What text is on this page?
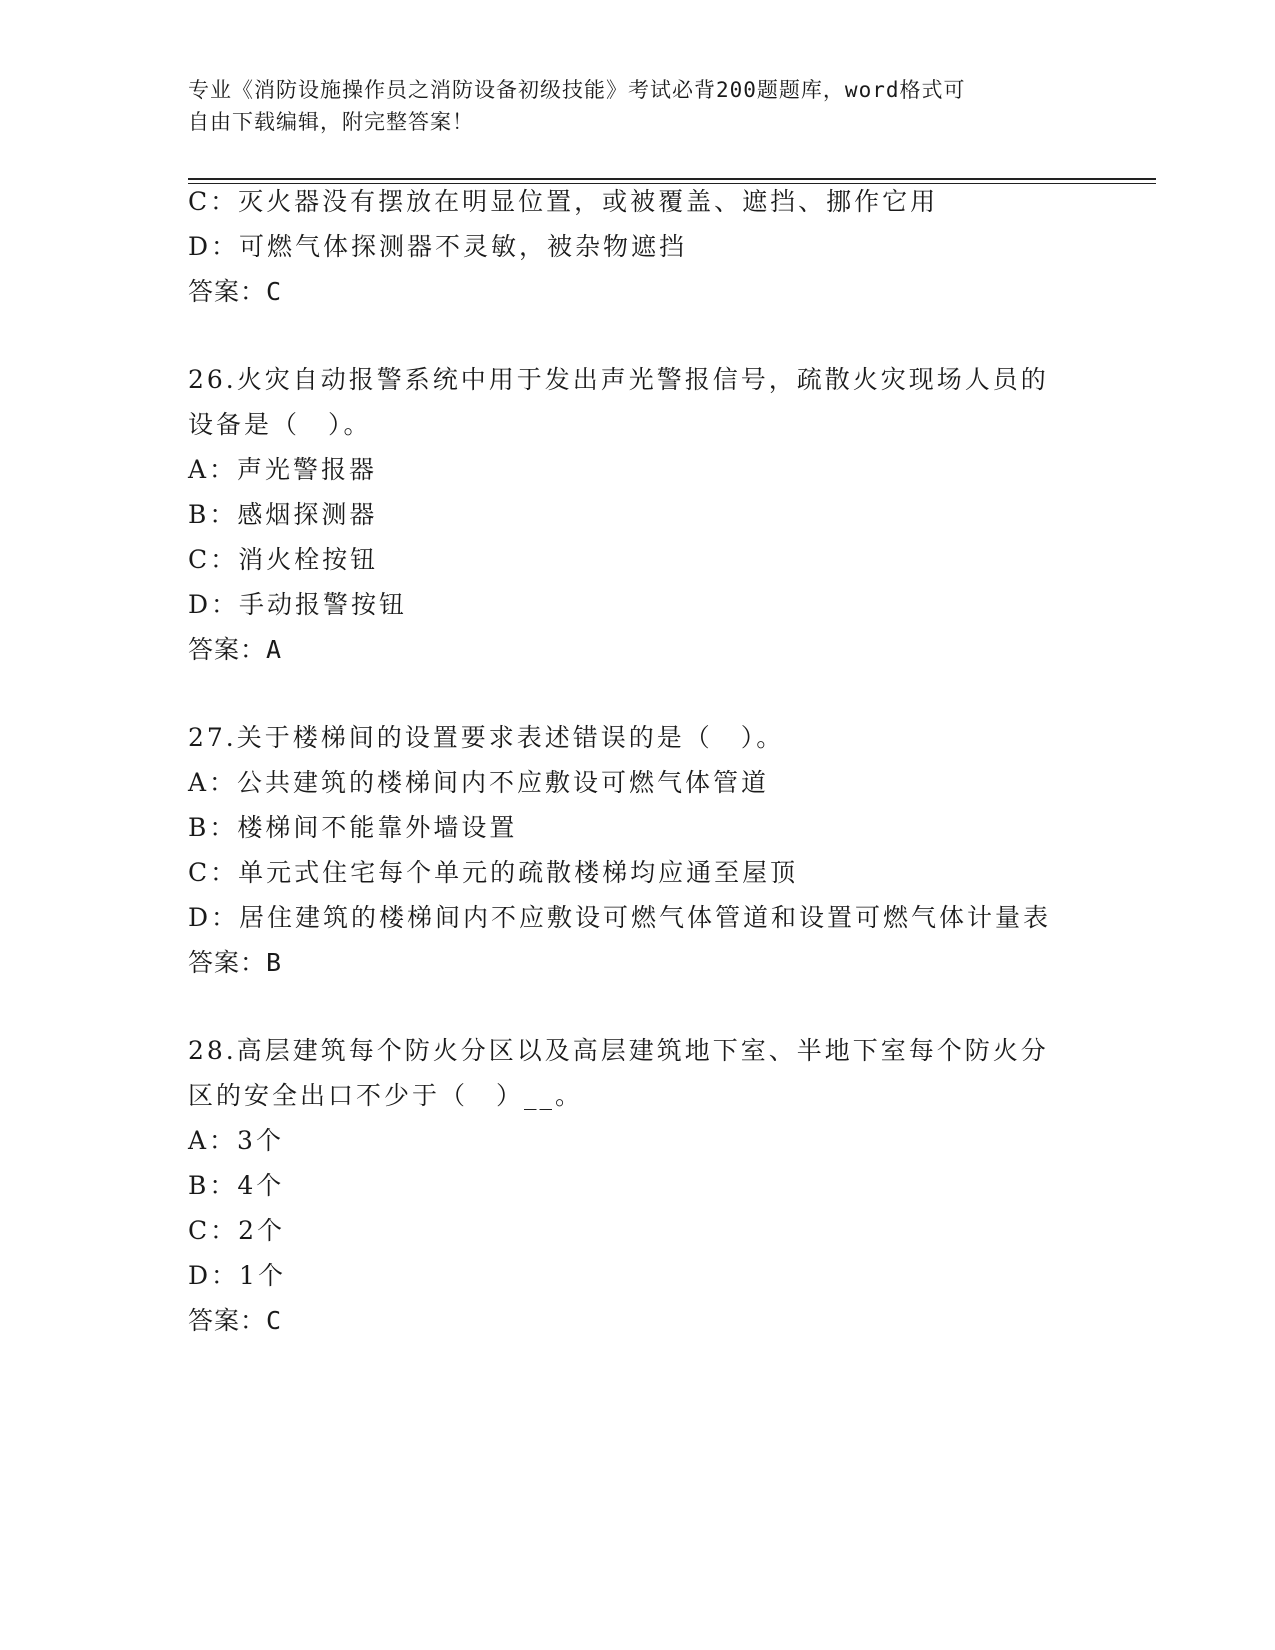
专业《消防设施操作员之消防设备初级技能》考试必背200题题库，word格式可
自由下载编辑，附完整答案！
C：灭火器没有摆放在明显位置，或被覆盖、遮挡、挪作它用
D：可燃气体探测器不灵敏，被杂物遮挡
答案：C
26.火灾自动报警系统中用于发出声光警报信号，疏散火灾现场人员的
设备是（　）。
A：声光警报器
B：感烟探测器
C：消火栓按钮
D：手动报警按钮
答案：A
27.关于楼梯间的设置要求表述错误的是（　）。
A：公共建筑的楼梯间内不应敷设可燃气体管道
B：楼梯间不能靠外墙设置
C：单元式住宅每个单元的疏散楼梯均应通至屋顶
D：居住建筑的楼梯间内不应敷设可燃气体管道和设置可燃气体计量表
答案：B
28.高层建筑每个防火分区以及高层建筑地下室、半地下室每个防火分
区的安全出口不少于（　）__。
A：3个
B：4个
C：2个
D：1个
答案：C
